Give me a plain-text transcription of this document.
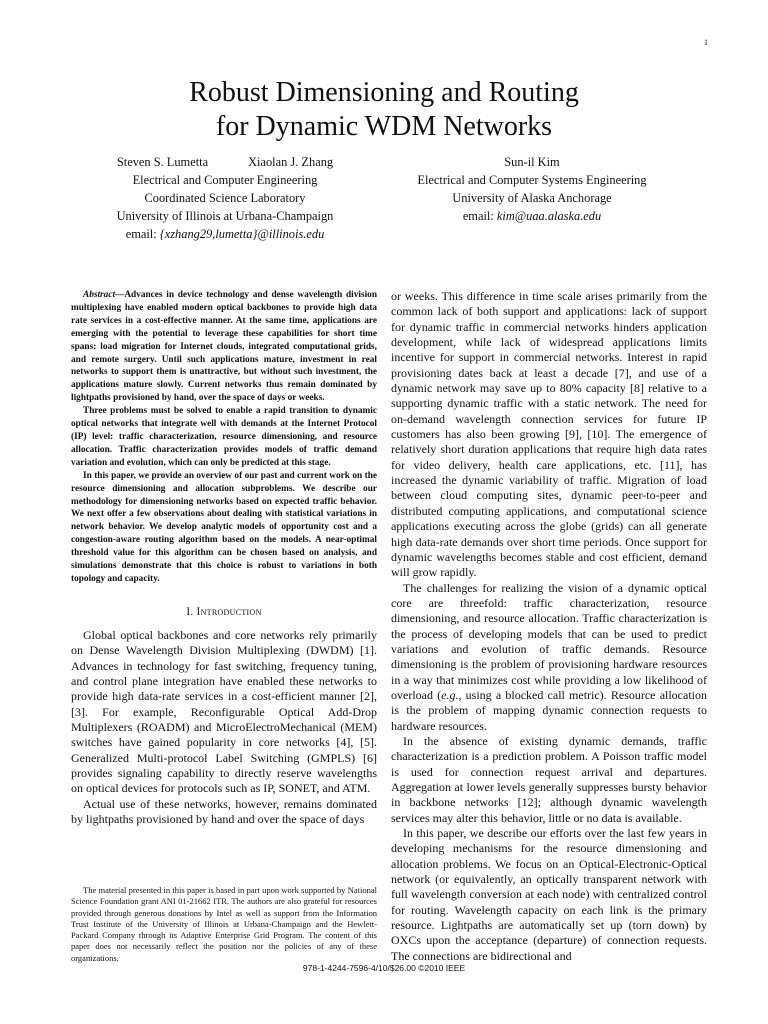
1
Robust Dimensioning and Routing
for Dynamic WDM Networks
Steven S. Lumetta	Xiaolan J. Zhang
Electrical and Computer Engineering
Coordinated Science Laboratory
University of Illinois at Urbana-Champaign
email: {xzhang29,lumetta}@illinois.edu
Sun-il Kim
Electrical and Computer Systems Engineering
University of Alaska Anchorage
email: kim@uaa.alaska.edu

Abstract—Advances in device technology and dense wavelength division multiplexing have enabled modern optical backbones to provide high data rate services in a cost-effective manner. At the same time, applications are emerging with the potential to leverage these capabilities for short time spans: load migration for Internet clouds, integrated computational grids, and remote surgery. Until such applications mature, investment in real networks to support them is unattractive, but without such investment, the applications mature slowly. Current networks thus remain dominated by lightpaths provisioned by hand, over the space of days or weeks.

Three problems must be solved to enable a rapid transition to dynamic optical networks that integrate well with demands at the Internet Protocol (IP) level: traffic characterization, resource dimensioning, and resource allocation. Traffic characterization provides models of traffic demand variation and evolution, which can only be predicted at this stage.

In this paper, we provide an overview of our past and current work on the resource dimensioning and allocation subproblems. We describe our methodology for dimensioning networks based on expected traffic behavior. We next offer a few observations about dealing with statistical variations in network behavior. We develop analytic models of opportunity cost and a congestion-aware routing algorithm based on the models. A near-optimal threshold value for this algorithm can be chosen based on analysis, and simulations demonstrate that this choice is robust to variations in both topology and capacity.

I. Introduction

Global optical backbones and core networks rely primarily on Dense Wavelength Division Multiplexing (DWDM) [1]. Advances in technology for fast switching, frequency tuning, and control plane integration have enabled these networks to provide high data-rate services in a cost-efficient manner [2], [3]. For example, Reconfigurable Optical Add-Drop Multiplexers (ROADM) and MicroElectroMechanical (MEM) switches have gained popularity in core networks [4], [5]. Generalized Multi-protocol Label Switching (GMPLS) [6] provides signaling capability to directly reserve wavelengths on optical devices for protocols such as IP, SONET, and ATM.

Actual use of these networks, however, remains dominated by lightpaths provisioned by hand and over the space of days

or weeks. This difference in time scale arises primarily from the common lack of both support and applications: lack of support for dynamic traffic in commercial networks hinders application development, while lack of widespread applications limits incentive for support in commercial networks. Interest in rapid provisioning dates back at least a decade [7], and use of a dynamic network may save up to 80% capacity [8] relative to a supporting dynamic traffic with a static network. The need for on-demand wavelength connection services for future IP customers has also been growing [9], [10]. The emergence of relatively short duration applications that require high data rates for video delivery, health care applications, etc. [11], has increased the dynamic variability of traffic. Migration of load between cloud computing sites, dynamic peer-to-peer and distributed computing applications, and computational science applications executing across the globe (grids) can all generate high data-rate demands over short time periods. Once support for dynamic wavelengths becomes stable and cost efficient, demand will grow rapidly.

The challenges for realizing the vision of a dynamic optical core are threefold: traffic characterization, resource dimensioning, and resource allocation. Traffic characterization is the process of developing models that can be used to predict variations and evolution of traffic demands. Resource dimensioning is the problem of provisioning hardware resources in a way that minimizes cost while providing a low likelihood of overload (e.g., using a blocked call metric). Resource allocation is the problem of mapping dynamic connection requests to hardware resources.

In the absence of existing dynamic demands, traffic characterization is a prediction problem. A Poisson traffic model is used for connection request arrival and departures. Aggregation at lower levels generally suppresses bursty behavior in backbone networks [12]; although dynamic wavelength services may alter this behavior, little or no data is available.

In this paper, we describe our efforts over the last few years in developing mechanisms for the resource dimensioning and allocation problems. We focus on an Optical-Electronic-Optical network (or equivalently, an optically transparent network with full wavelength conversion at each node) with centralized control for routing. Wavelength capacity on each link is the primary resource. Lightpaths are automatically set up (torn down) by OXCs upon the acceptance (departure) of connection requests. The connections are bidirectional and

The material presented in this paper is based in part upon work supported by National Science Foundation grant ANI 01-21662 ITR. The authors are also grateful for resources provided through generous donations by Intel as well as support from the Information Trust Institute of the University of Illinois at Urbana-Champaign and the Hewlett-Packard Company through its Adaptive Enterprise Grid Program. The content of this paper does not necessarily reflect the position nor the policies of any of these organizations.

978-1-4244-7596-4/10/$26.00 ©2010 IEEE
